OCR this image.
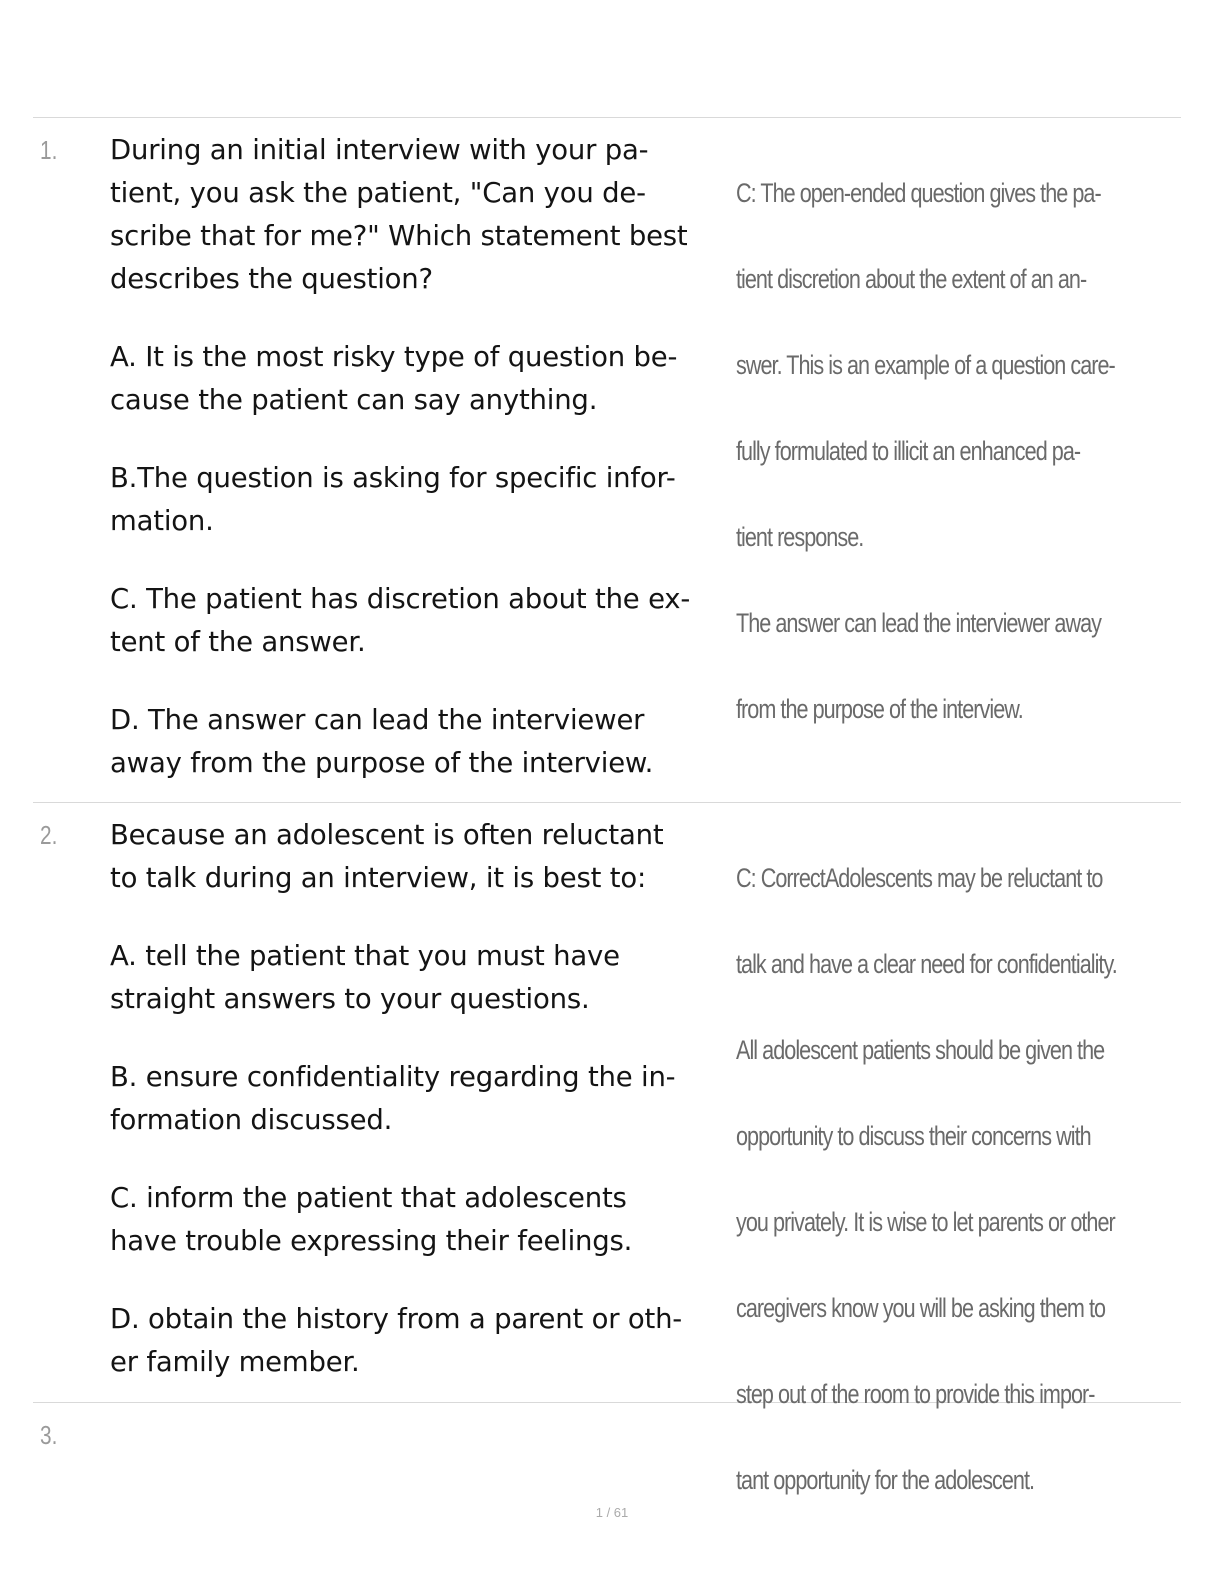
1. During an initial interview with your pa-
tient, you ask the patient, "Can you de-
scribe that for me?" Which statement best
describes the question?

A. It is the most risky type of question be-
cause the patient can say anything.

B.The question is asking for specific infor-
mation.

C. The patient has discretion about the ex-
tent of the answer.

D. The answer can lead the interviewer
away from the purpose of the interview.

C: The open-ended question gives the pa-

tient discretion about the extent of an an-

swer. This is an example of a question care-

fully formulated to illicit an enhanced pa-

tient response.

The answer can lead the interviewer away

from the purpose of the interview.

2. Because an adolescent is often reluctant
to talk during an interview, it is best to:

A. tell the patient that you must have
straight answers to your questions.

B. ensure confidentiality regarding the in-
formation discussed.

C. inform the patient that adolescents
have trouble expressing their feelings.

D. obtain the history from a parent or oth-
er family member.

C: CorrectAdolescents may be reluctant to

talk and have a clear need for confidentiality.

All adolescent patients should be given the

opportunity to discuss their concerns with

you privately. It is wise to let parents or other

caregivers know you will be asking them to

step out of the room to provide this impor-

tant opportunity for the adolescent.

3.
1 / 61
